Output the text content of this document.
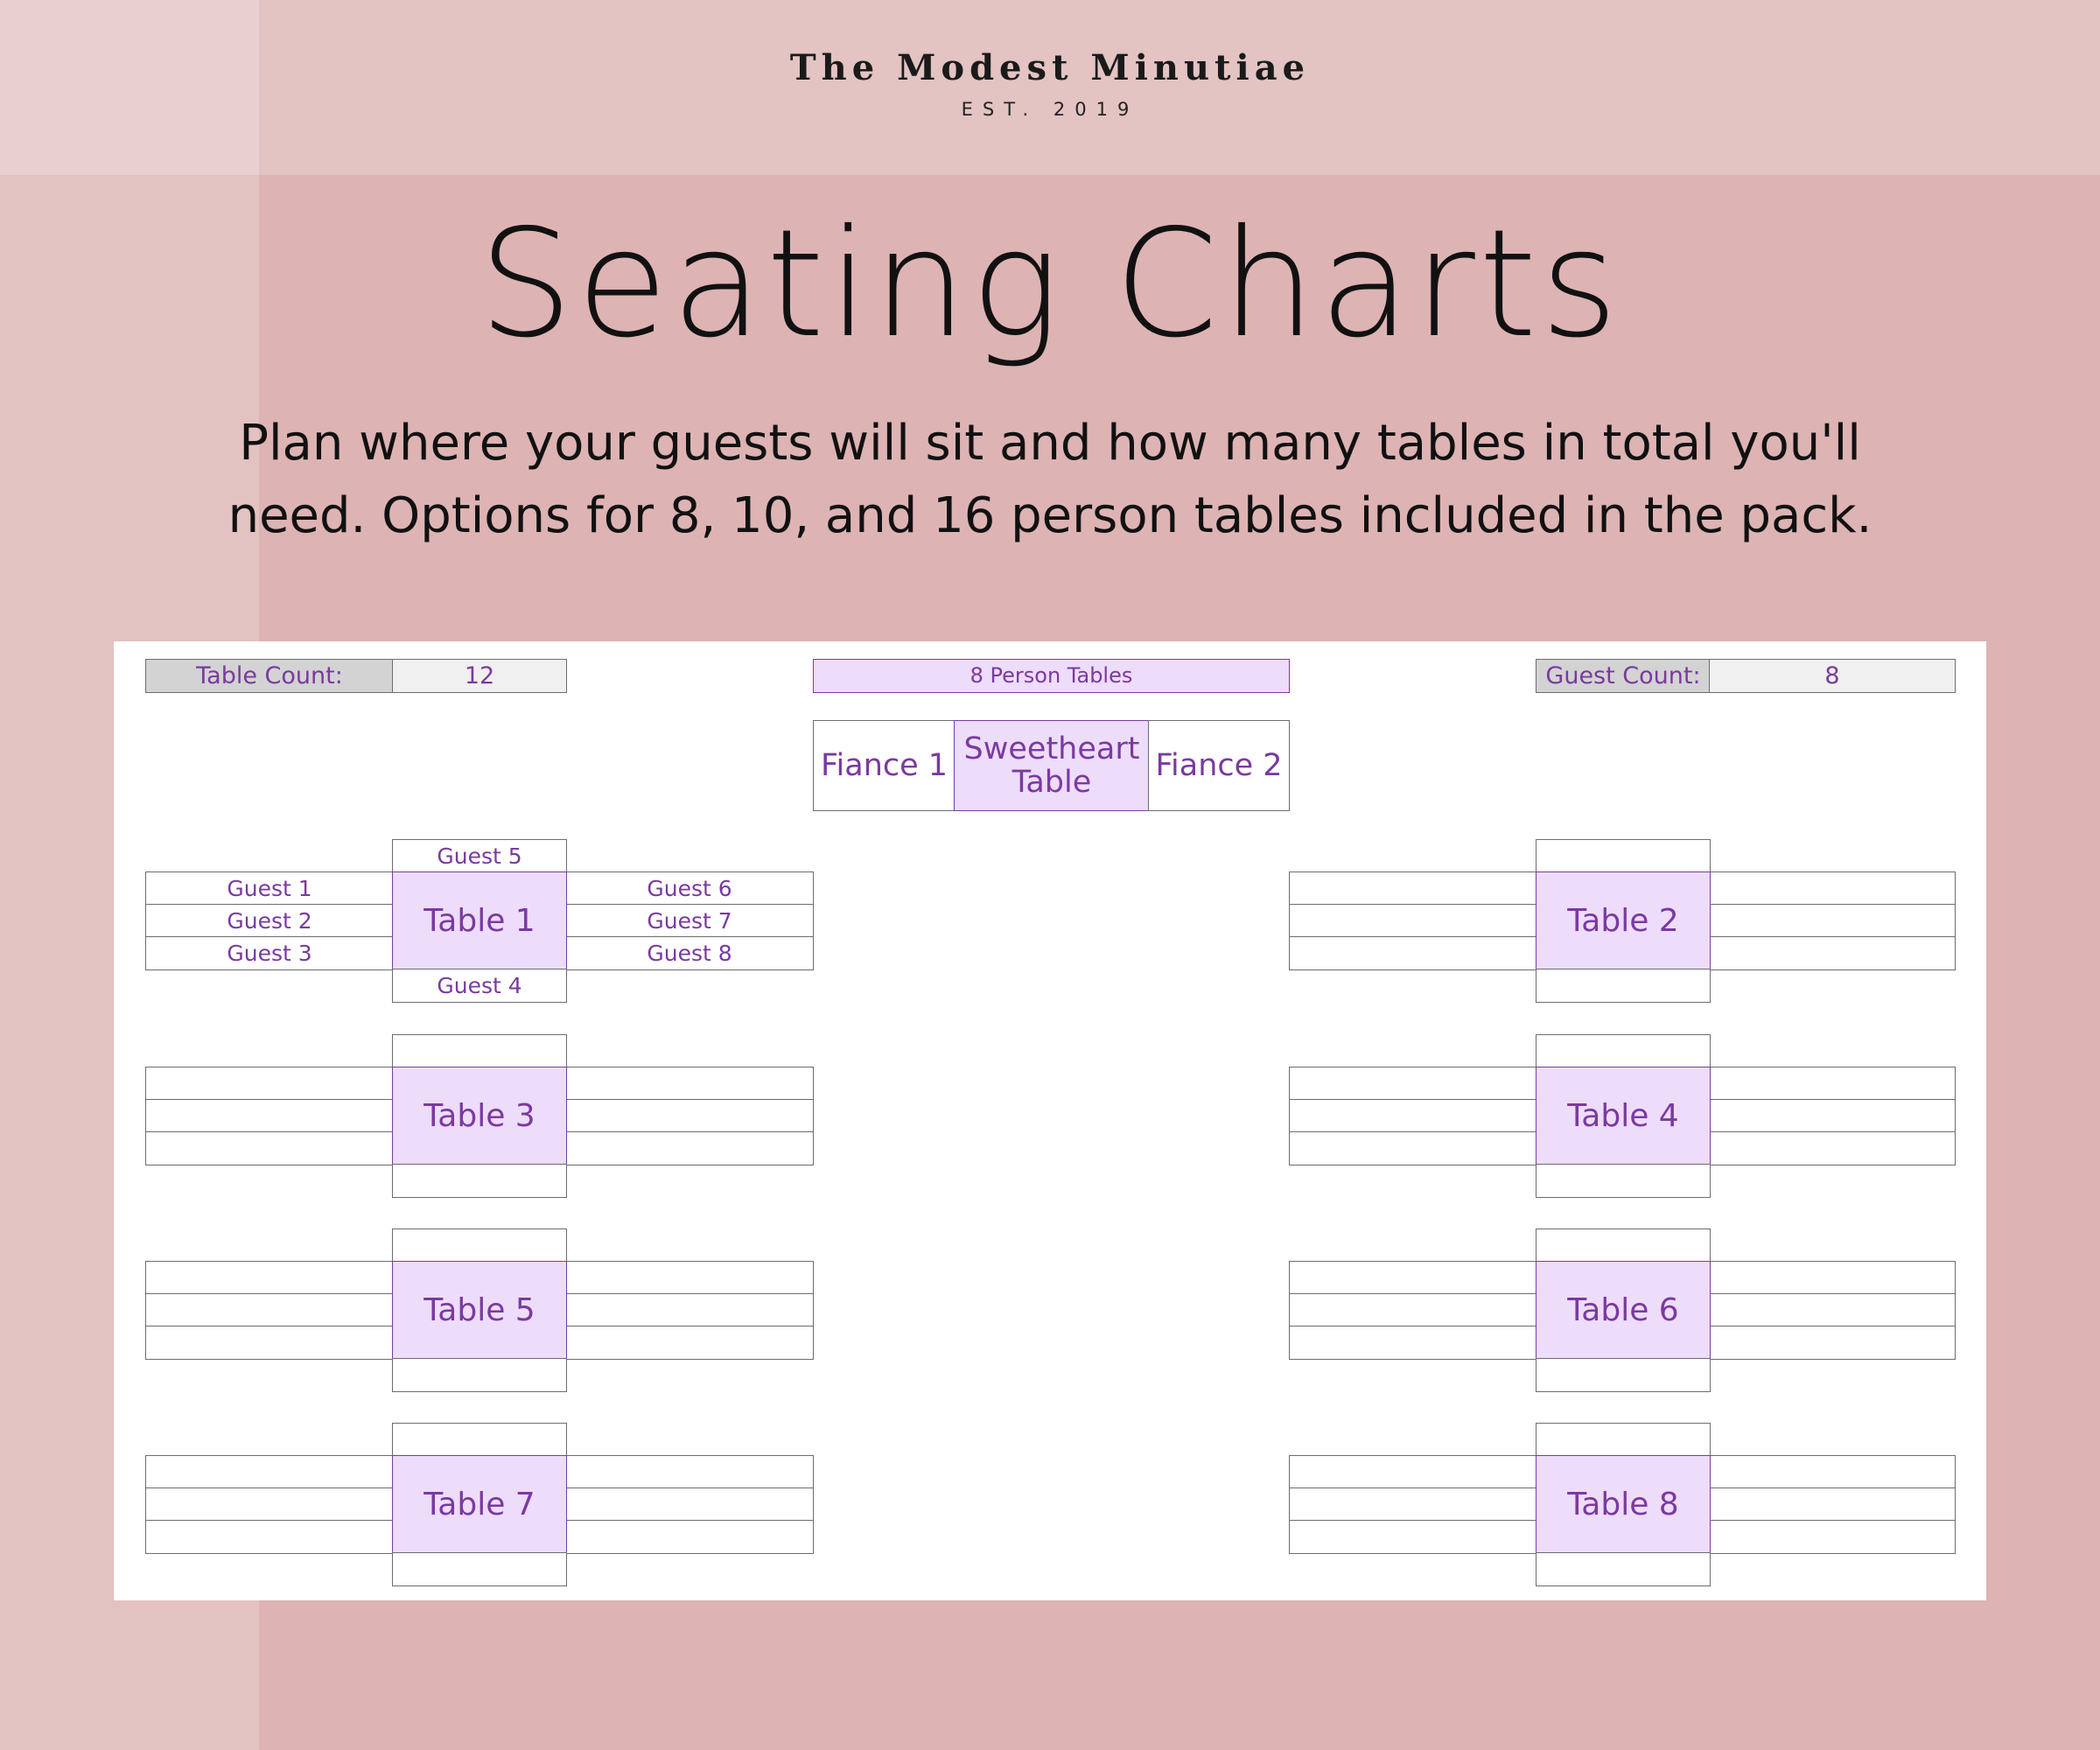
The Modest Minutiae
EST. 2019
Seating Charts
Plan where your guests will sit and how many tables in total you'll need. Options for 8, 10, and 16 person tables included in the pack.
Table Count:	12	8 Person Tables	Guest Count:	8
Fiance 1 Sweetheart Table	Fiance 2
Guest 5
Guest 1	Guest 6
Guest 2	Guest 7
Guest 3	Guest 8
Table 1
Guest 4
Table 2
Table 3	Table 4
Table 5	Table 6
Table 7	Table 8
